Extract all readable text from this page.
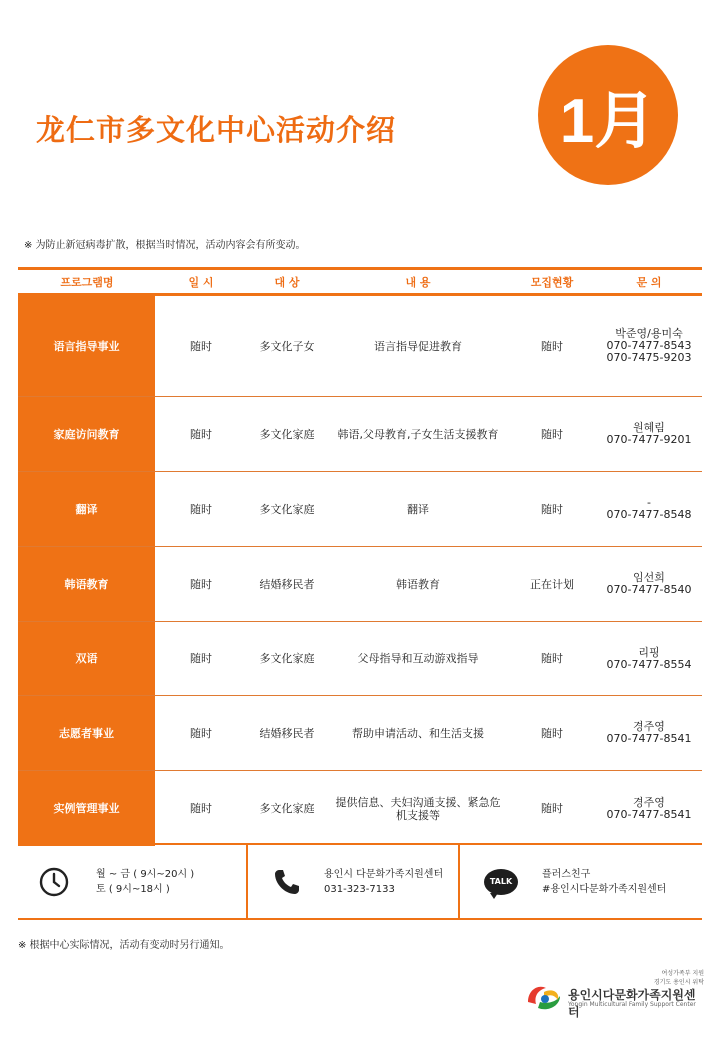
龙仁市多文化中心活动介绍	1月
※ 为防止新冠病毒扩散，根据当时情况，活动内容会有所变动。
프로그램명	일 시	대 상	내 용	모집현황	문 의
语言指导事业	随时	多文化子女	语言指导促进教育	随时
박준영/용미숙
070-7477-8543
070-7475-9203
家庭访问教育	随时	多文化家庭	韩语,父母教育,子女生活支援教育	随时	원혜림
070-7477-9201
翻译	随时	多文化家庭	翻译	随时	-
070-7477-8548
韩语教育	随时	结婚移民者	韩语教育	正在计划	임선희
070-7477-8540
双语	随时	多文化家庭	父母指导和互动游戏指导	随时	리핑
070-7477-8554
志愿者事业	随时	结婚移民者	帮助申请活动、和生活支援	随时	경주영
070-7477-8541
实例管理事业	随时	多文化家庭	提供信息、夫妇沟通支援、紧急危机支援等	随时	경주영
070-7477-8541
월 ~ 금 ( 9시~20시 )
토 ( 9시~18시 )
용인시 다문화가족지원센터
031-323-7133
TALK
플러스친구
#용인시다문화가족지원센터
※ 根据中心实际情况，活动有变动时另行通知。
여성가족부 지원
경기도 용인시 위탁
용인시다문화가족지원센터
Yongin Multicultural Family Support Center
